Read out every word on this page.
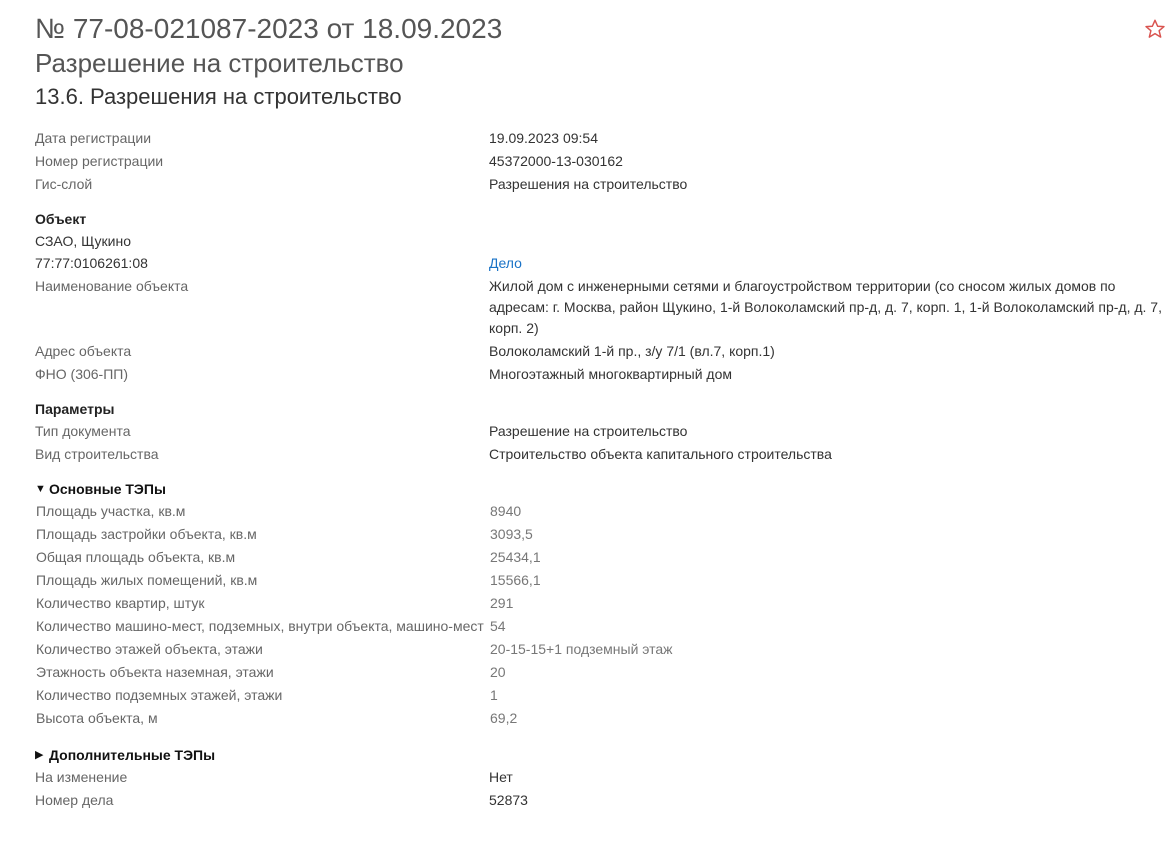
№ 77-08-021087-2023 от 18.09.2023
Разрешение на строительство
13.6. Разрешения на строительство
Дата регистрации	19.09.2023 09:54
Номер регистрации	45372000-13-030162
Гис-слой	Разрешения на строительство
Объект
СЗАО, Щукино
77:77:0106261:08	Дело
Наименование объекта	Жилой дом с инженерными сетями и благоустройством территории (со сносом жилых домов по адресам: г. Москва, район Щукино, 1-й Волоколамский пр-д, д. 7, корп. 1, 1-й Волоколамский пр-д, д. 7, корп. 2)
Адрес объекта	Волоколамский 1-й пр., з/у 7/1 (вл.7, корп.1)
ФНО (306-ПП)	Многоэтажный многоквартирный дом
Параметры
Тип документа	Разрешение на строительство
Вид строительства	Строительство объекта капитального строительства
▼ Основные ТЭПы
Площадь участка, кв.м	8940
Площадь застройки объекта, кв.м	3093,5
Общая площадь объекта, кв.м	25434,1
Площадь жилых помещений, кв.м	15566,1
Количество квартир, штук	291
Количество машино-мест, подземных, внутри объекта, машино-мест 54
Количество этажей объекта, этажи	20-15-15+1 подземный этаж
Этажность объекта наземная, этажи	20
Количество подземных этажей, этажи	1
Высота объекта, м	69,2
▶ Дополнительные ТЭПы
На изменение	Нет
Номер дела	52873
